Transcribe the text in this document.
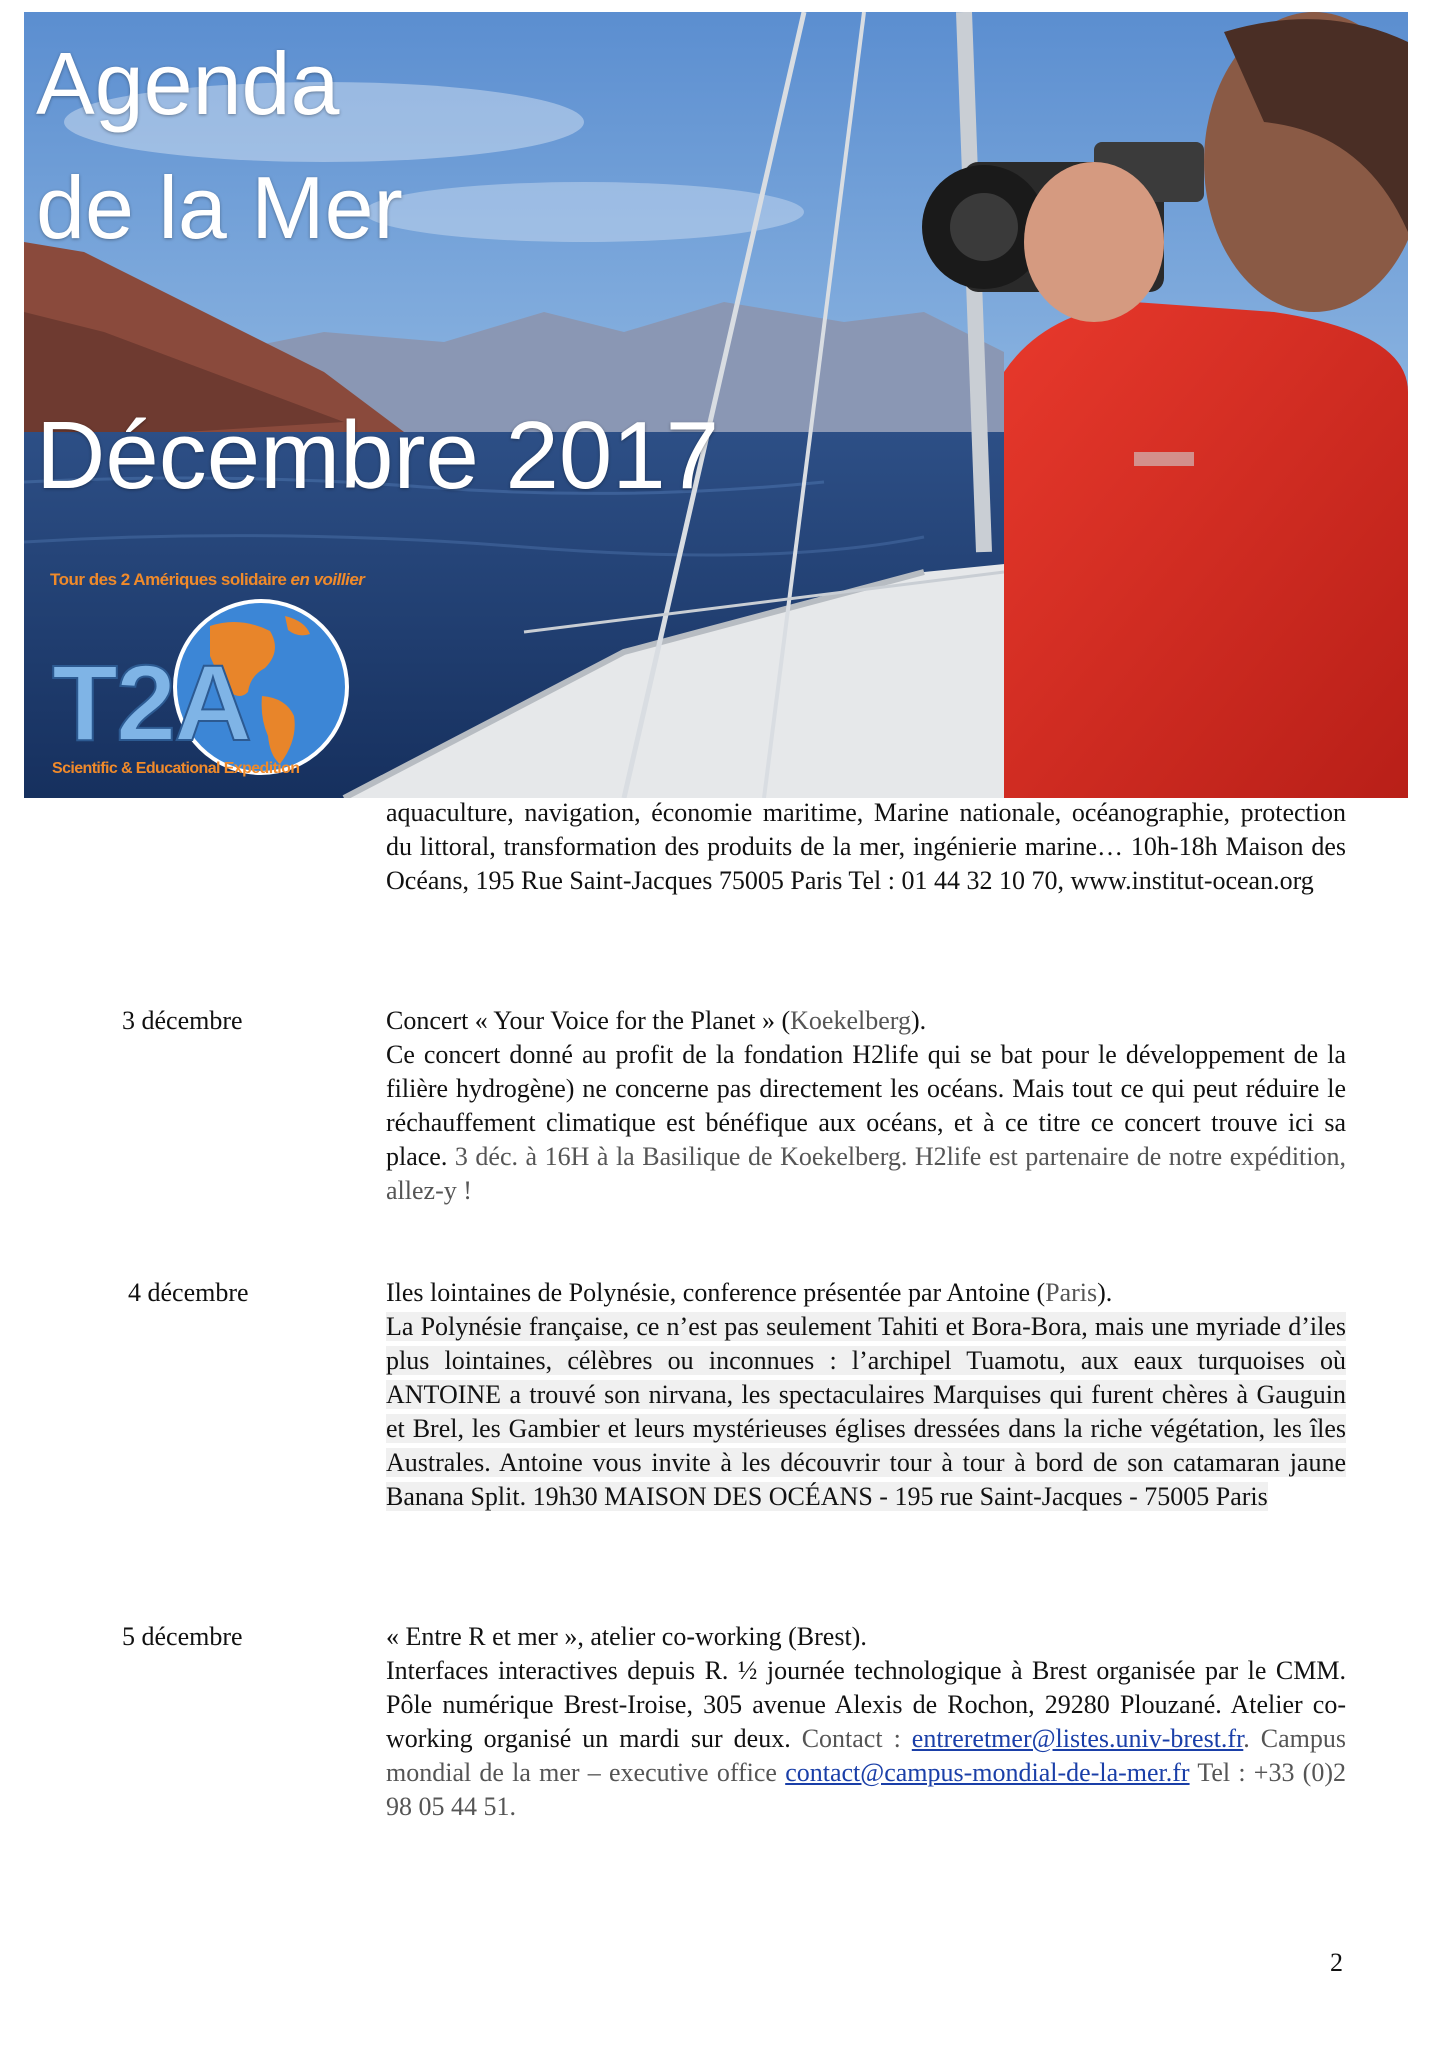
Agenda
de la Mer
Décembre 2017
Tour des 2 Amériques solidaire en voillier
T2A
Scientific & Educational Expedition

aquaculture, navigation, économie maritime, Marine nationale, océanographie, protection du littoral, transformation des produits de la mer, ingénierie marine… 10h-18h Maison des Océans, 195 Rue Saint-Jacques 75005 Paris Tel : 01 44 32 10 70, www.institut-ocean.org

3 décembre	Concert « Your Voice for the Planet » (Koekelberg).

Ce concert donné au profit de la fondation H2life qui se bat pour le développement de la filière hydrogène) ne concerne pas directement les océans. Mais tout ce qui peut réduire le réchauffement climatique est bénéfique aux océans, et à ce titre ce concert trouve ici sa place. 3 déc. à 16H à la Basilique de Koekelberg. H2life est partenaire de notre expédition, allez-y !

4 décembre	Iles lointaines de Polynésie, conference présentée par Antoine (Paris).

La Polynésie française, ce n’est pas seulement Tahiti et Bora-Bora, mais une myriade d’iles plus lointaines, célèbres ou inconnues : l’archipel Tuamotu, aux eaux turquoises où ANTOINE a trouvé son nirvana, les spectaculaires Marquises qui furent chères à Gauguin et Brel, les Gambier et leurs mystérieuses églises dressées dans la riche végétation, les îles Australes. Antoine vous invite à les découvrir tour à tour à bord de son catamaran jaune Banana Split. 19h30 MAISON DES OCÉANS - 195 rue Saint-Jacques - 75005 Paris

5 décembre	« Entre R et mer », atelier co-working (Brest).

Interfaces interactives depuis R. ½ journée technologique à Brest organisée par le CMM. Pôle numérique Brest-Iroise, 305 avenue Alexis de Rochon, 29280 Plouzané. Atelier co-working organisé un mardi sur deux. Contact : entreretmer@listes.univ-brest.fr. Campus mondial de la mer – executive office contact@campus-mondial-de-la-mer.fr Tel : +33 (0)2 98 05 44 51.

2
